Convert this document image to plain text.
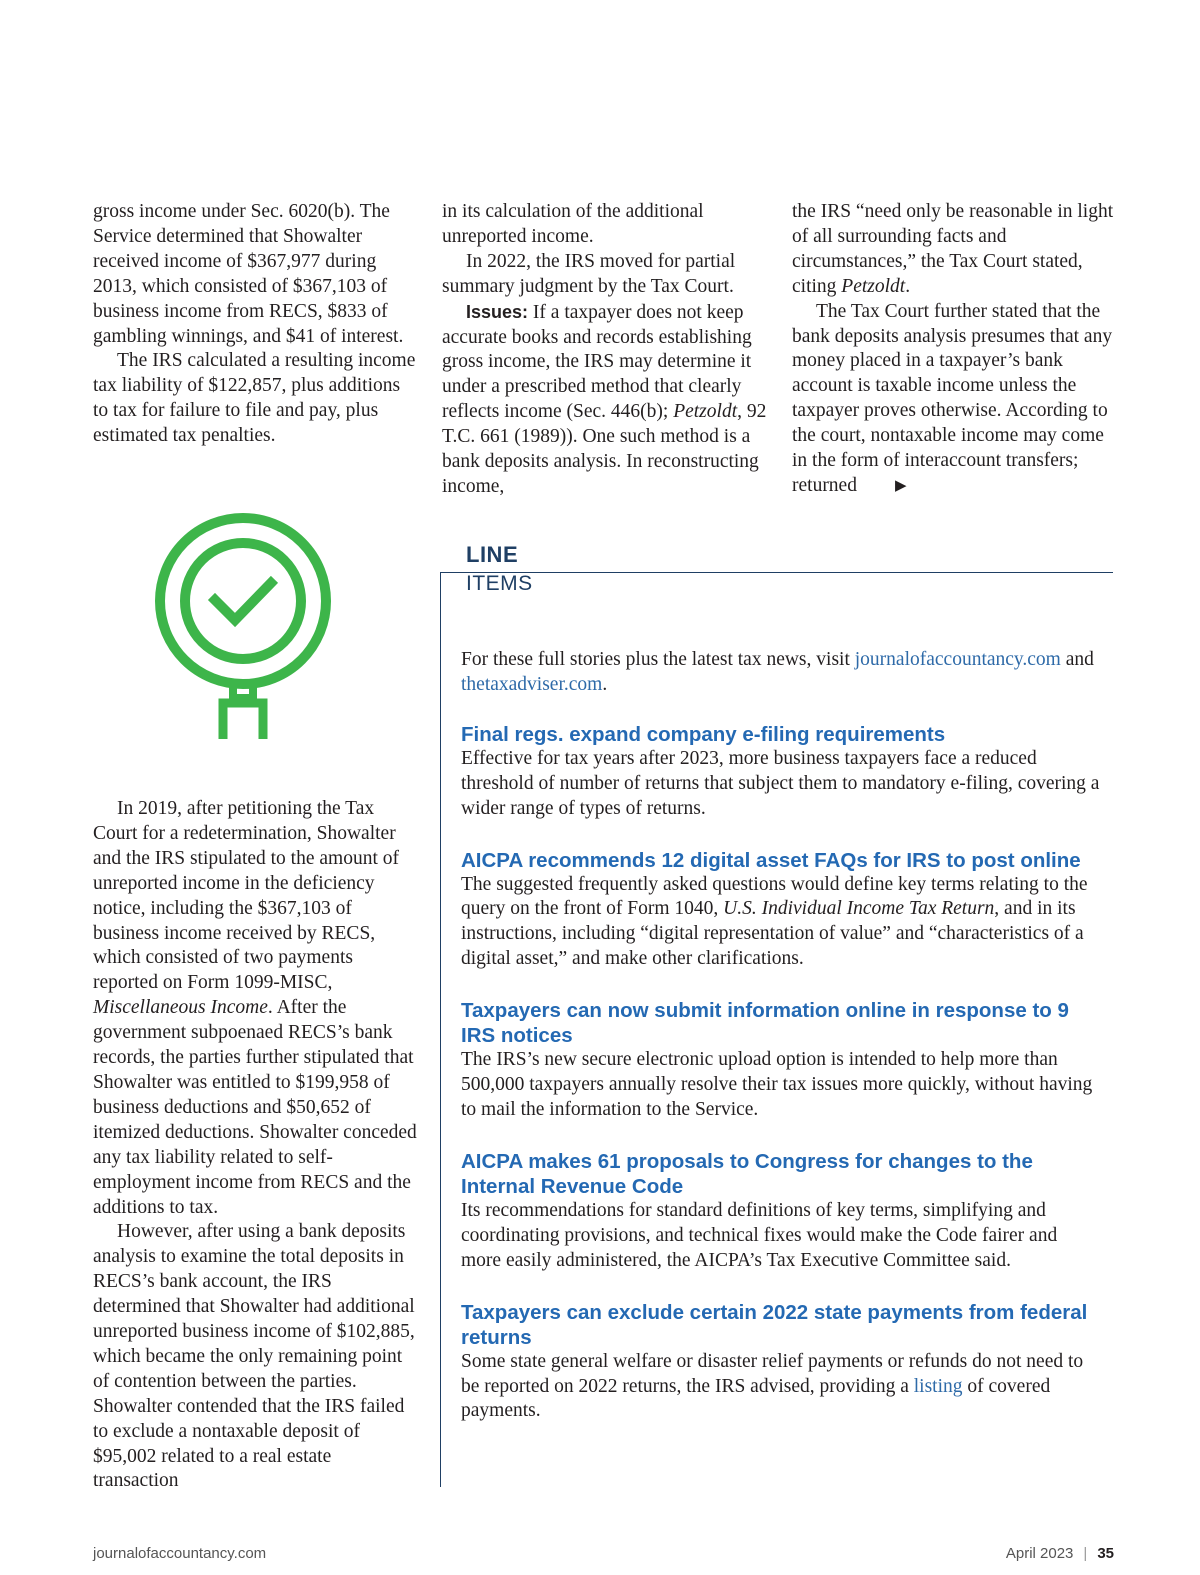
gross income under Sec. 6020(b). The Service determined that Showalter received income of $367,977 during 2013, which consisted of $367,103 of business income from RECS, $833 of gambling winnings, and $41 of interest.

The IRS calculated a resulting income tax liability of $122,857, plus additions to tax for failure to file and pay, plus estimated tax penalties.

in its calculation of the additional unreported income.

In 2022, the IRS moved for partial summary judgment by the Tax Court.

Issues: If a taxpayer does not keep accurate books and records establishing gross income, the IRS may determine it under a prescribed method that clearly reflects income (Sec. 446(b); Petzoldt, 92 T.C. 661 (1989)). One such method is a bank deposits analysis. In reconstructing income,

the IRS “need only be reasonable in light of all surrounding facts and circumstances,” the Tax Court stated, citing Petzoldt.

The Tax Court further stated that the bank deposits analysis presumes that any money placed in a taxpayer’s bank account is taxable income unless the taxpayer proves otherwise. According to the court, nontaxable income may come in the form of interaccount transfers; returned	▶

In 2019, after petitioning the Tax Court for a redetermination, Showalter and the IRS stipulated to the amount of unreported income in the deficiency notice, including the $367,103 of business income received by RECS, which consisted of two payments reported on Form 1099-MISC, Miscellaneous Income. After the government subpoenaed RECS’s bank records, the parties further stipulated that Showalter was entitled to $199,958 of business deductions and $50,652 of itemized deductions. Showalter conceded any tax liability related to self-employment income from RECS and the additions to tax.

However, after using a bank deposits analysis to examine the total deposits in RECS’s bank account, the IRS determined that Showalter had additional unreported business income of $102,885, which became the only remaining point of contention between the parties. Showalter contended that the IRS failed to exclude a nontaxable deposit of $95,002 related to a real estate transaction

LINE
ITEMS

For these full stories plus the latest tax news, visit journalofaccountancy.com and thetaxadviser.com.

Final regs. expand company e-filing requirements

Effective for tax years after 2023, more business taxpayers face a reduced threshold of number of returns that subject them to mandatory e-filing, covering a wider range of types of returns.

AICPA recommends 12 digital asset FAQs for IRS to post online

The suggested frequently asked questions would define key terms relating to the query on the front of Form 1040, U.S. Individual Income Tax Return, and in its instructions, including “digital representation of value” and “characteristics of a digital asset,” and make other clarifications.

Taxpayers can now submit information online in response to 9 IRS notices

The IRS’s new secure electronic upload option is intended to help more than 500,000 taxpayers annually resolve their tax issues more quickly, without having to mail the information to the Service.

AICPA makes 61 proposals to Congress for changes to the Internal Revenue Code

Its recommendations for standard definitions of key terms, simplifying and coordinating provisions, and technical fixes would make the Code fairer and more easily administered, the AICPA’s Tax Executive Committee said.

Taxpayers can exclude certain 2022 state payments from federal returns

Some state general welfare or disaster relief payments or refunds do not need to be reported on 2022 returns, the IRS advised, providing a listing of covered payments.

journalofaccountancy.com	April 2023 | 35
